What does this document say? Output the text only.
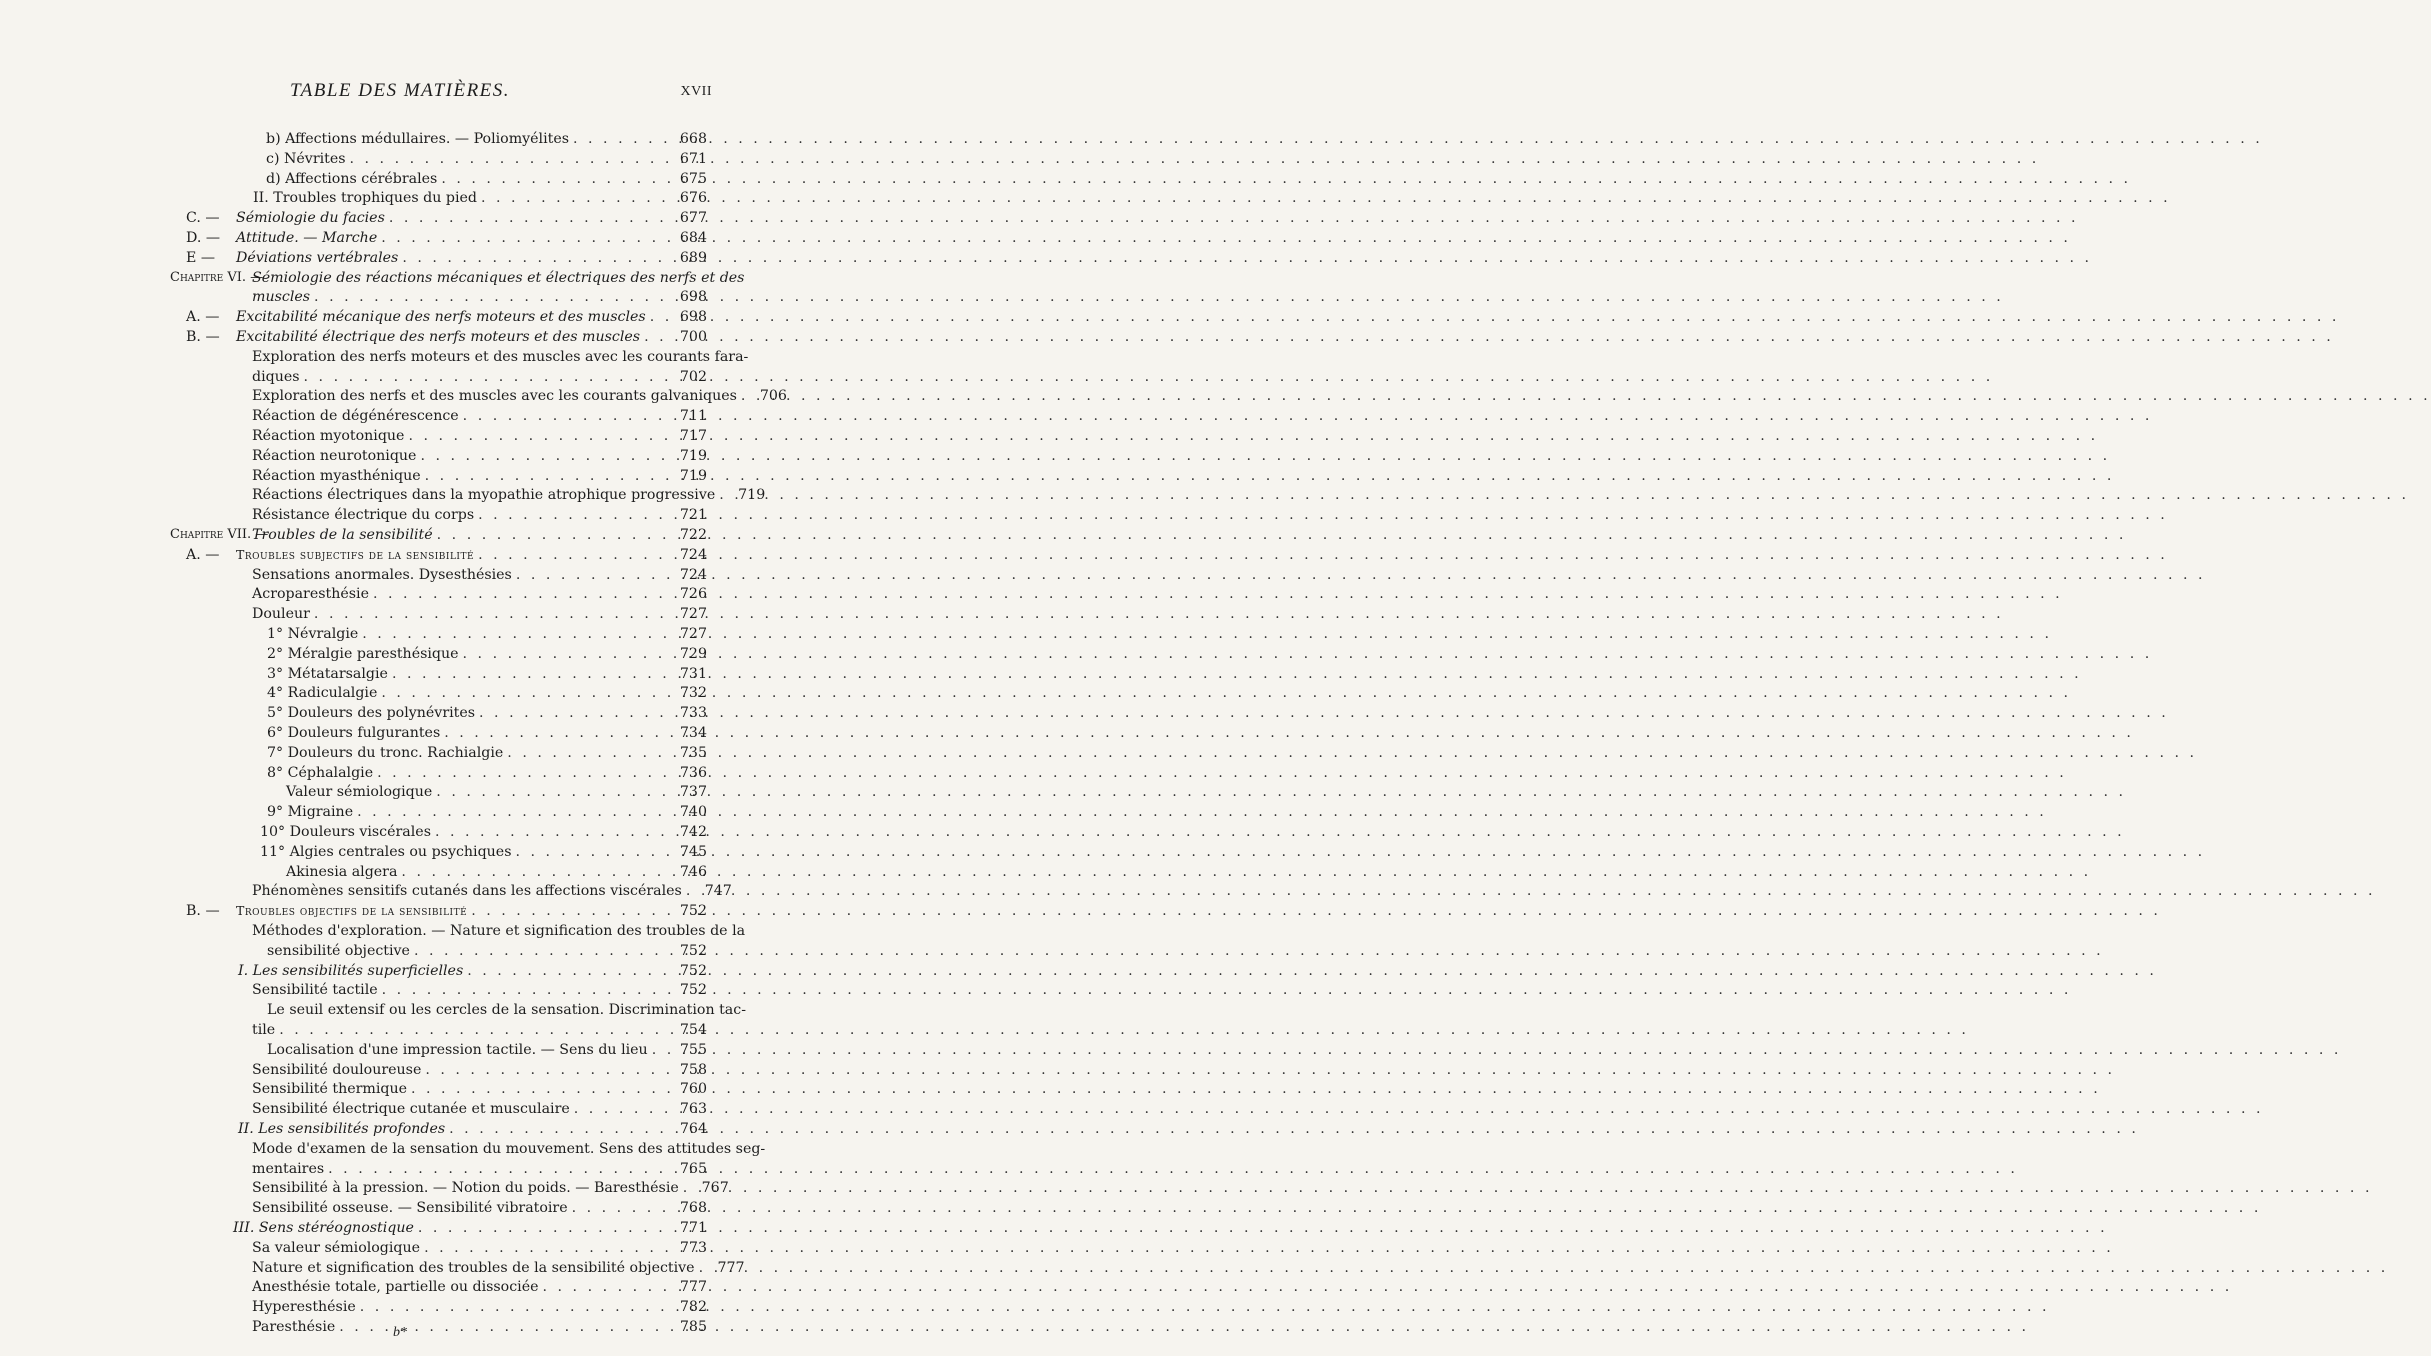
TABLE DES MATIÈRES.	XVII
b) Affections médullaires. — Poliomyélites . . .	668
c) Névrites . . .	671
d) Affections cérébrales . . .	675
II. Troubles trophiques du pied . . .	676
C. — Sémiologie du facies . . .	677
D. — Attitude. — Marche . . .	684
E — Déviations vertébrales . . .	689
Chapitre VI. —
Sémiologie des réactions mécaniques et électriques des nerfs et des
muscles . . .	698
A. — Excitabilité mécanique des nerfs moteurs et des muscles . . .	698
B. — Excitabilité électrique des nerfs moteurs et des muscles . . .	700
Exploration des nerfs moteurs et des muscles avec les courants fara-
diques . . .	702
Exploration des nerfs et des muscles avec les courants galvaniques . . .	706
Réaction de dégénérescence . . .	711
Réaction myotonique . . .	717
Réaction neurotonique . . .	719
Réaction myasthénique . . .	719
Réactions électriques dans la myopathie atrophique progressive . . .	719
Résistance électrique du corps . . .	721
Chapitre VII. —
Troubles de la sensibilité . . .	722
A. — Troubles subjectifs de la sensibilité . . .	724
Sensations anormales. Dysesthésies . . .	724
Acroparesthésie . . .	726
Douleur . . .	727
1° Névralgie . . .	727
2° Méralgie paresthésique . . .	729
3° Métatarsalgie . . .	731
4° Radiculalgie . . .	732
5° Douleurs des polynévrites . . .	733
6° Douleurs fulgurantes . . .	734
7° Douleurs du tronc. Rachialgie . . .	735
8° Céphalalgie . . .	736
Valeur sémiologique . . .	737
9° Migraine . . .	740
10° Douleurs viscérales . . .	742
11° Algies centrales ou psychiques . . .	745
Akinesia algera . . .	746
Phénomènes sensitifs cutanés dans les affections viscérales . . .	747
B. — Troubles objectifs de la sensibilité . . .	752
Méthodes d'exploration. — Nature et signification des troubles de la
sensibilité objective . . .	752
I. Les sensibilités superficielles . . .	752
Sensibilité tactile . . .	752
Le seuil extensif ou les cercles de la sensation. Discrimination tac-
tile . . .	754
Localisation d'une impression tactile. — Sens du lieu . . .	755
Sensibilité douloureuse . . .	758
Sensibilité thermique . . .	760
Sensibilité électrique cutanée et musculaire . . .	763
II. Les sensibilités profondes . . .	764
Mode d'examen de la sensation du mouvement. Sens des attitudes seg-
mentaires . . .	765
Sensibilité à la pression. — Notion du poids. — Baresthésie . . .	767
Sensibilité osseuse. — Sensibilité vibratoire . . .	768
III. Sens stéréognostique . . .	771
Sa valeur sémiologique . . .	773
Nature et signification des troubles de la sensibilité objective . . .	777
Anesthésie totale, partielle ou dissociée . . .	777
Hyperesthésie . . .	782
Paresthésie . . .	785
b*
